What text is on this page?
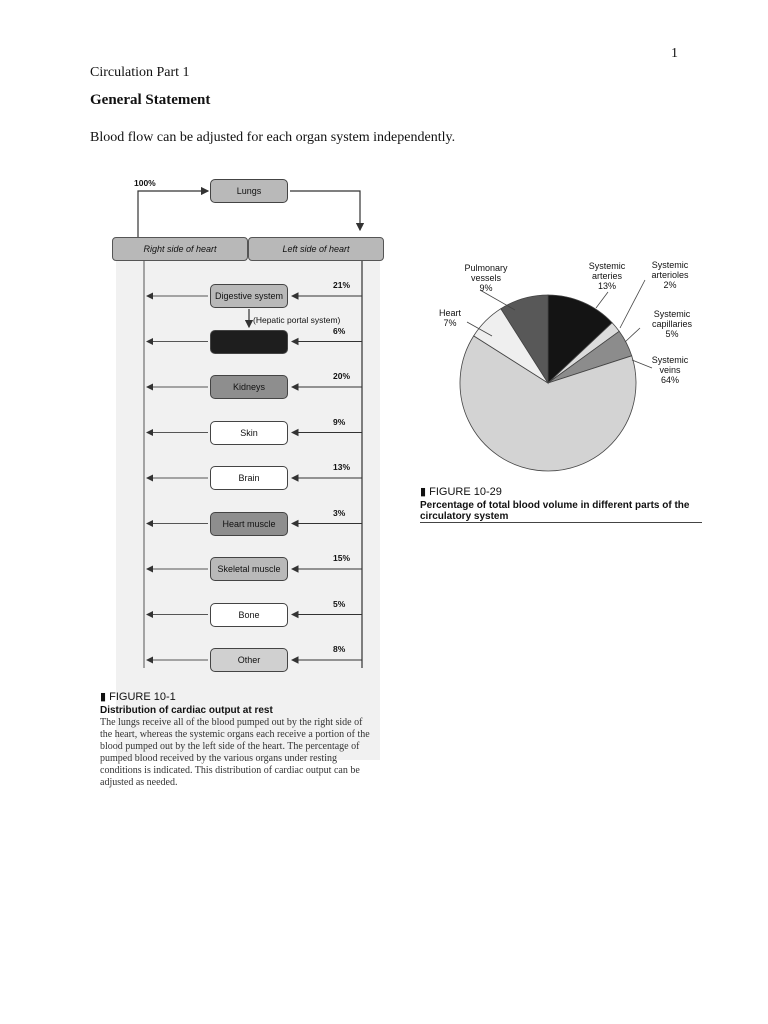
1
Circulation Part 1
General Statement
Blood flow can be adjusted for each organ system independently.
100%
Lungs
Right side of heart	Left side of heart
(Hepatic portal system)
Digestive system
21%
6%
Kidneys
20%
Skin
9%
Brain
13%
Heart muscle
3%
Skeletal muscle
15%
Bone
5%
Other
8%
▮ FIGURE 10-1
Distribution of cardiac output at rest
The lungs receive all of the blood pumped out by the right side of
the heart, whereas the systemic organs each receive a portion of the
blood pumped out by the left side of the heart. The percentage of
pumped blood received by the various organs under resting
conditions is indicated. This distribution of cardiac output can be
adjusted as needed.
Pulmonary
vessels
9%
Systemic
arteries
13%
Systemic
arterioles
2%
Systemic
capillaries
5%
Systemic
veins
64%
Heart
7%
▮ FIGURE 10-29
Percentage of total blood volume in different parts of the
circulatory system
